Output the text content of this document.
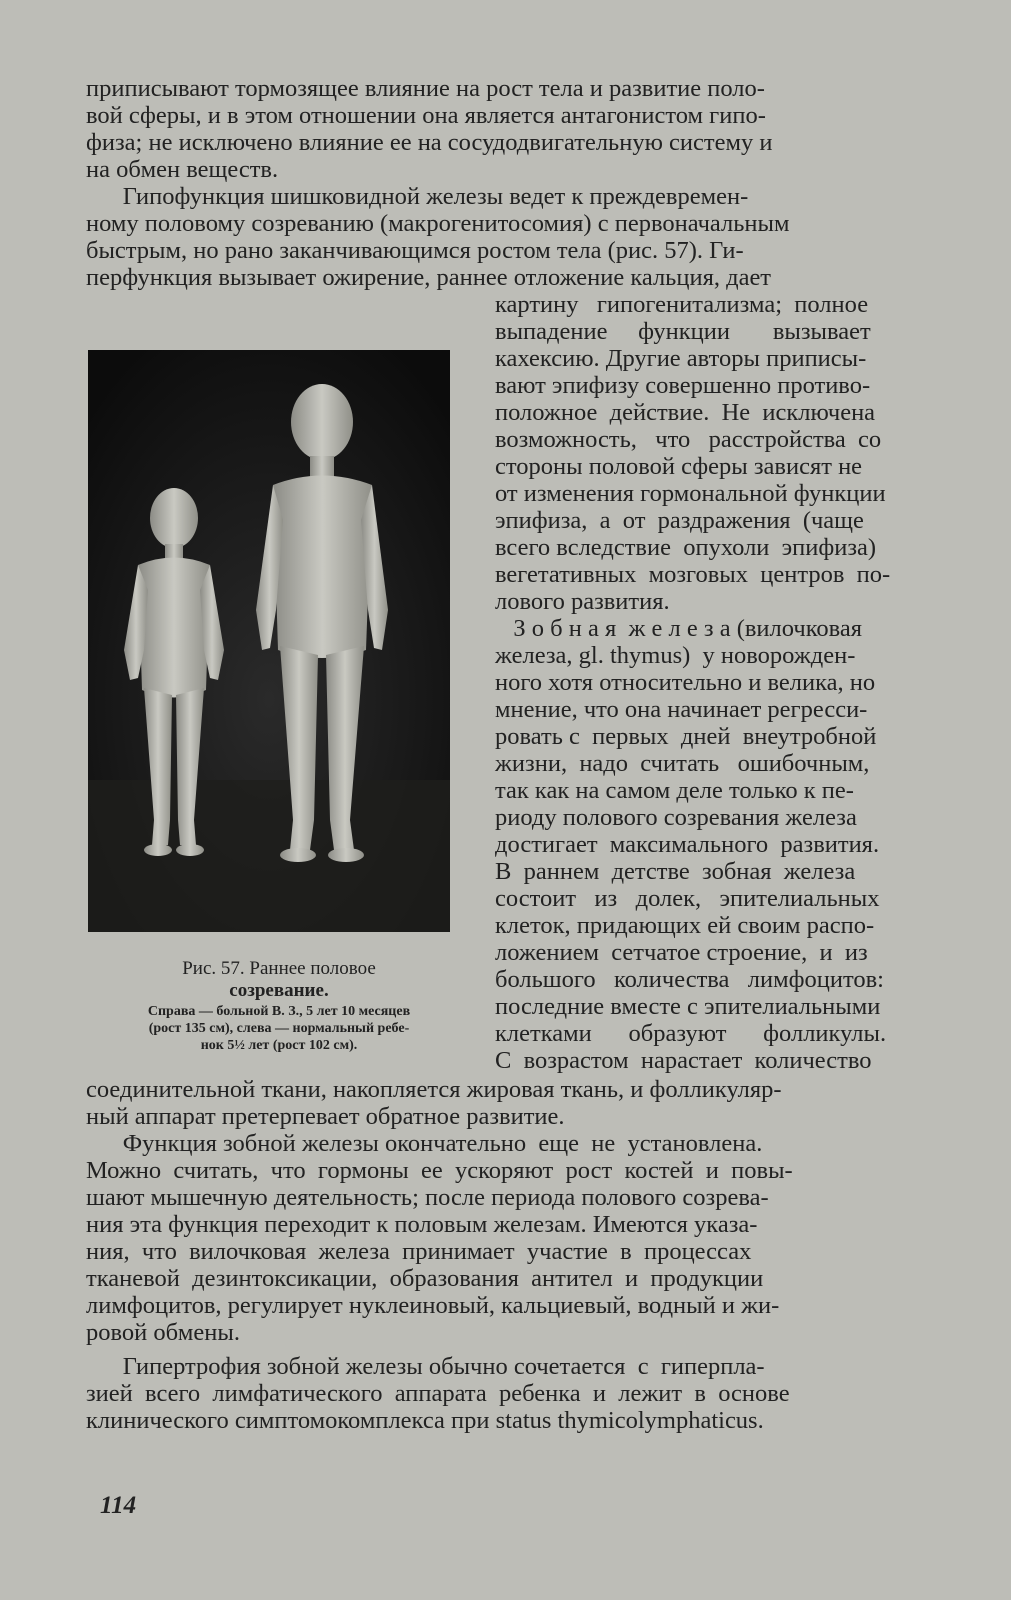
приписывают тормозящее влияние на рост тела и развитие поло-
вой сферы, и в этом отношении она является антагонистом гипо-
физа; не исключено влияние ее на сосудодвигательную систему и
на обмен веществ.
Гипофункция шишковидной железы ведет к преждевремен-
ному половому созреванию (макрогенитосомия) с первоначальным
быстрым, но рано заканчивающимся ростом тела (рис. 57). Ги-
перфункция вызывает ожирение, раннее отложение кальция, дает
Рис. 57. Раннее половое
созревание.
Справа — больной В. З., 5 лет 10 месяцев
(рост 135 см), слева — нормальный ребе-
нок 5½ лет (рост 102 см).
картину   гипогенитализма;  полное
выпадение     функции       вызывает
кахексию. Другие авторы приписы-
вают эпифизу совершенно противо-
положное  действие.  Не  исключена
возможность,   что   расстройства  со
стороны половой сферы зависят не
от изменения гормональной функции
эпифиза,  а  от  раздражения  (чаще
всего вследствие  опухоли  эпифиза)
вегетативных  мозговых  центров  по-
лового развития.
З о б н а я  ж е л е з а (вилочковая
железа, gl. thymus)  у новорожден-
ного хотя относительно и велика, но
мнение, что она начинает регресси-
ровать с  первых  дней  внеутробной
жизни,  надо  считать   ошибочным,
так как на самом деле только к пе-
риоду полового созревания железа
достигает  максимального  развития.
В  раннем  детстве  зобная  железа
состоит   из   долек,   эпителиальных
клеток, придающих ей своим распо-
ложением  сетчатое строение,  и  из
большого   количества   лимфоцитов:
последние вместе с эпителиальными
клетками      образуют      фолликулы.
С  возрастом  нарастает  количество
соединительной ткани, накопляется жировая ткань, и фолликуляр-
ный аппарат претерпевает обратное развитие.
Функция зобной железы окончательно  еще  не  установлена.
Можно  считать,  что  гормоны  ее  ускоряют  рост  костей  и  повы-
шают мышечную деятельность; после периода полового созрева-
ния эта функция переходит к половым железам. Имеются указа-
ния,  что  вилочковая  железа  принимает  участие  в  процессах
тканевой  дезинтоксикации,  образования  антител  и  продукции
лимфоцитов, регулирует нуклеиновый, кальциевый, водный и жи-
ровой обмены.
Гипертрофия зобной железы обычно сочетается  с  гиперпла-
зией  всего  лимфатического  аппарата  ребенка  и  лежит  в  основе
клинического симптомокомплекса при status thymicolymphaticus.
114
